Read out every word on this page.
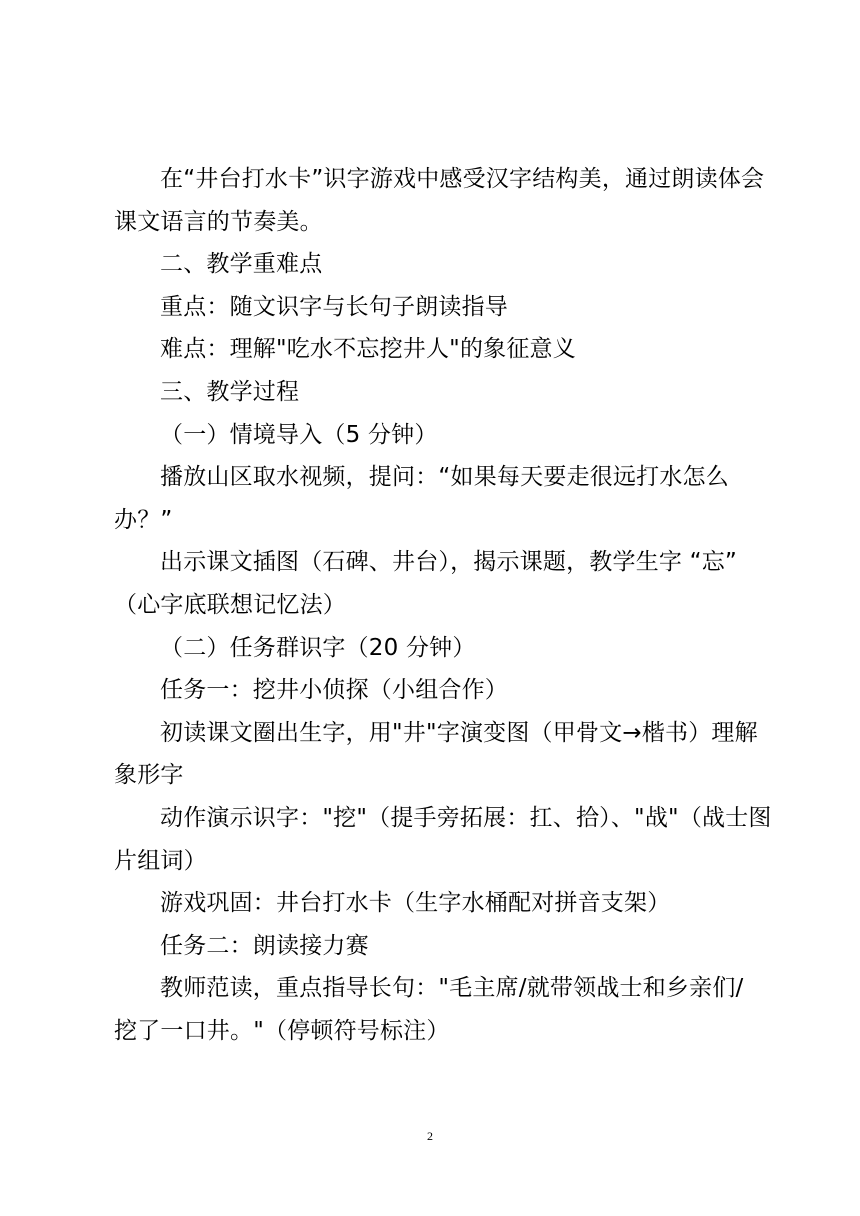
在“井台打水卡”识字游戏中感受汉字结构美，通过朗读体会

课文语言的节奏美。

二、教学重难点

重点：随文识字与长句子朗读指导

难点：理解"吃水不忘挖井人"的象征意义

三、教学过程

（一）情境导入（5 分钟）

播放山区取水视频，提问：“如果每天要走很远打水怎么

办？”

出示课文插图（石碑、井台），揭示课题，教学生字 “忘”

（心字底联想记忆法）

（二）任务群识字（20 分钟）

任务一：挖井小侦探（小组合作）

初读课文圈出生字，用"井"字演变图（甲骨文→楷书）理解

象形字

动作演示识字："挖"（提手旁拓展：扛、拾）、"战"（战士图

片组词）

游戏巩固：井台打水卡（生字水桶配对拼音支架）

任务二：朗读接力赛

教师范读，重点指导长句："毛主席/就带领战士和乡亲们/

挖了一口井。"（停顿符号标注）

2
